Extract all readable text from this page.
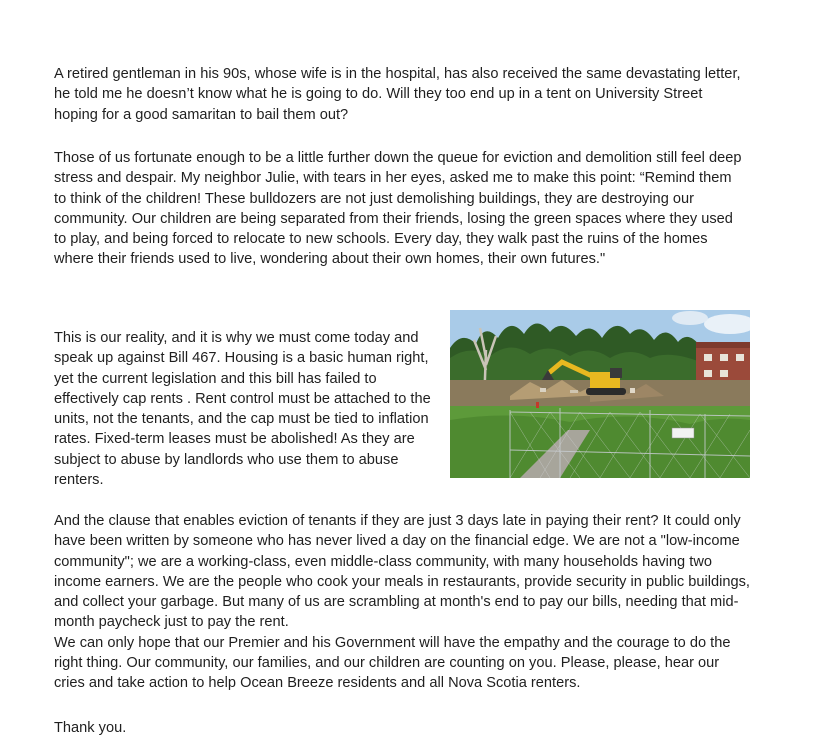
A retired gentleman in his 90s, whose wife is in the hospital, has also received the same devastating letter, he told me he doesn’t know what he is going to do. Will they too end up in a tent on University Street hoping for a good samaritan to bail them out?

Those of us fortunate enough to be a little further down the queue for eviction and demolition still feel deep stress and despair. My neighbor Julie, with tears in her eyes, asked me to make this point: “Remind them to think of the children! These bulldozers are not just demolishing buildings, they are destroying our community. Our children are being separated from their friends, losing the green spaces where they used to play, and being forced to relocate to new schools. Every day, they walk past the ruins of the homes where their friends used to live, wondering about their own homes, their own futures."

This is our reality, and it is why we must come today and speak up against Bill 467. Housing is a basic human right, yet the current legislation and this bill has failed to effectively cap rents . Rent control must be attached to the units, not the tenants, and the cap must be tied to inflation rates. Fixed-term leases must be abolished! As they are subject to abuse by landlords who use them to abuse renters.

And the clause that enables eviction of tenants if they are just 3 days late in paying their rent? It could only have been written by someone who has never lived a day on the financial edge. We are not a "low-income community"; we are a working-class, even middle-class community, with many households having two income earners. We are the people who cook your meals in restaurants, provide security in public buildings, and collect your garbage. But many of us are scrambling at month's end to pay our bills, needing that mid-month paycheck just to pay the rent.
We can only hope that our Premier and his Government will have the empathy and the courage to do the right thing. Our community, our families, and our children are counting on you. Please, please, hear our cries and take action to help Ocean Breeze residents and all Nova Scotia renters.

Thank you.
